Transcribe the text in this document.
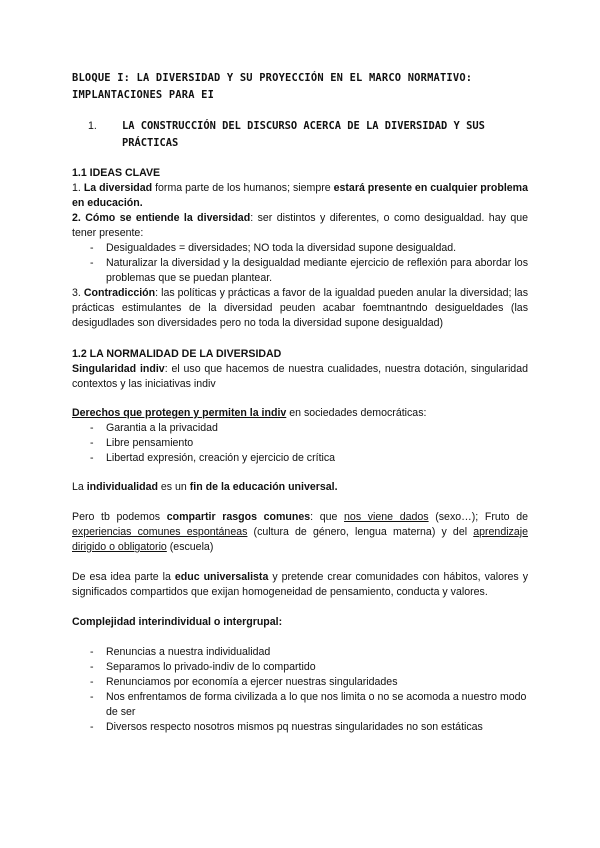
BLOQUE I: LA DIVERSIDAD Y SU PROYECCIÓN EN EL MARCO NORMATIVO: IMPLANTACIONES PARA EI
1.	LA CONSTRUCCIÓN DEL DISCURSO ACERCA DE LA DIVERSIDAD Y SUS PRÁCTICAS
1.1 IDEAS CLAVE

1. La diversidad forma parte de los humanos; siempre estará presente en cualquier problema en educación.

2. Cómo se entiende la diversidad: ser distintos y diferentes, o como desigualdad. hay que tener presente:

-	Desigualdades = diversidades; NO toda la diversidad supone desigualdad.
-	Naturalizar la diversidad y la desigualdad mediante ejercicio de reflexión para abordar los problemas que se puedan plantear.

3. Contradicción: las políticas y prácticas a favor de la igualdad pueden anular la diversidad; las prácticas estimulantes de la diversidad peuden acabar foemtnantndo desigueldades (las desigudlades son diversidades pero no toda la diversidad supone desigualdad)

1.2 LA NORMALIDAD DE LA DIVERSIDAD

Singularidad indiv: el uso que hacemos de nuestra cualidades, nuestra dotación, singularidad contextos y las iniciativas indiv

Derechos que protegen y permiten la indiv en sociedades democráticas:

-	Garantia a la privacidad
-	Libre pensamiento
-	Libertad expresión, creación y ejercicio de crítica

La individualidad es un fin de la educación universal.

Pero tb podemos compartir rasgos comunes: que nos viene dados (sexo…); Fruto de experiencias comunes espontáneas (cultura de género, lengua materna) y del aprendizaje dirigido o obligatorio (escuela)

De esa idea parte la educ universalista y pretende crear comunidades con hábitos, valores y significados compartidos que exijan homogeneidad de pensamiento, conducta y valores.

Complejidad interindividual o intergrupal:

-	Renuncias a nuestra individualidad
-	Separamos lo privado-indiv de lo compartido
-	Renunciamos por economía a ejercer nuestras singularidades
-	Nos enfrentamos de forma civilizada a lo que nos limita o no se acomoda a nuestro modo de ser
-	Diversos respecto nosotros mismos pq nuestras singularidades no son estáticas
